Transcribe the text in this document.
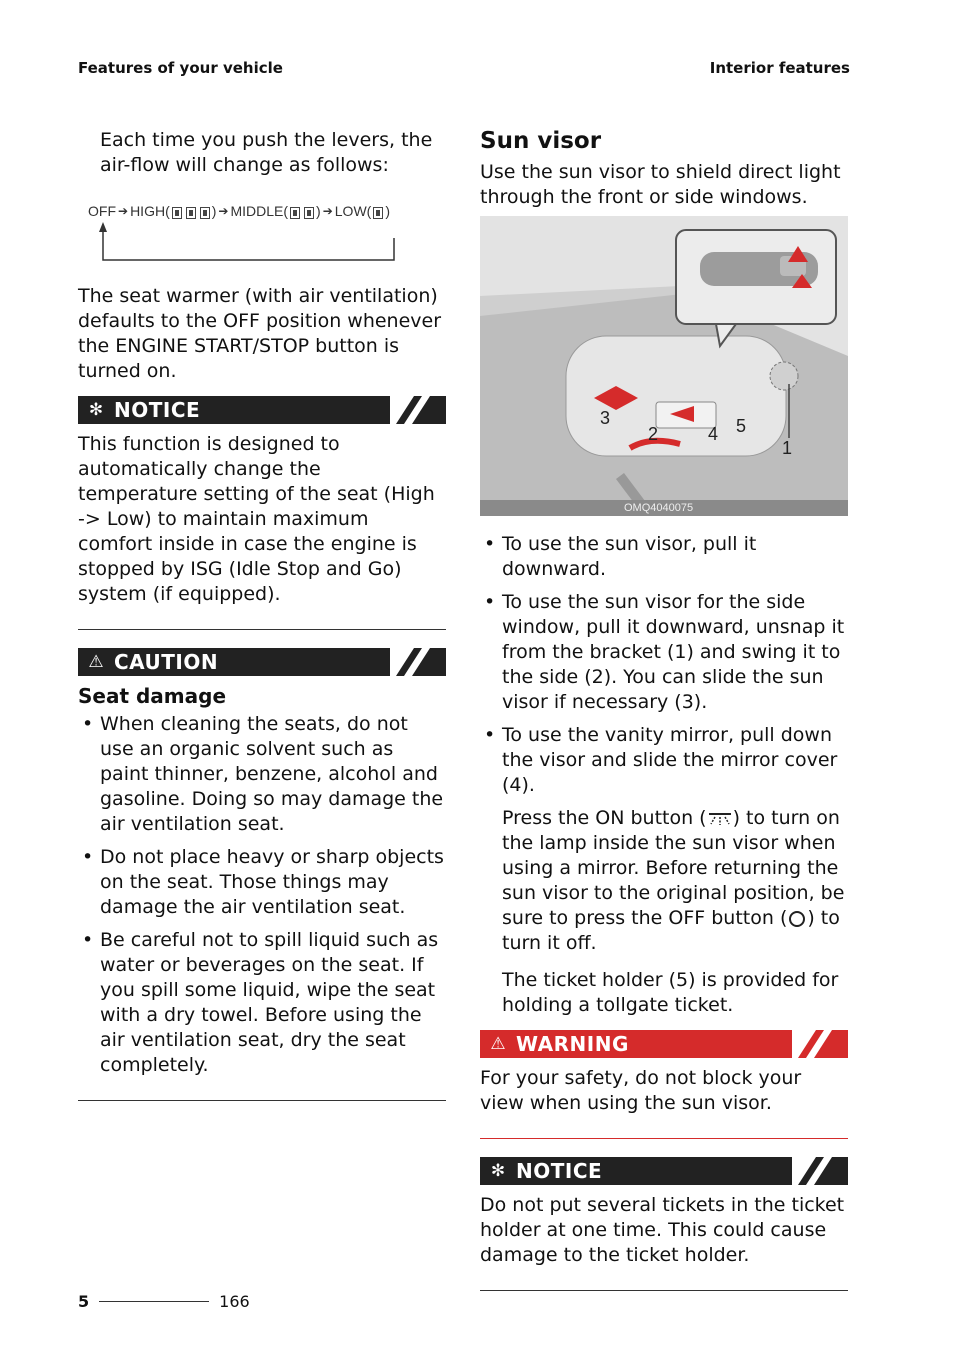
Features of your vehicle	Interior features

Each time you push the levers, the air-flow will change as follows:

OFF ➔ HIGH(	) ➔ MIDDLE( ) ➔ LOW( )

The seat warmer (with air ventilation) defaults to the OFF position whenever the ENGINE START/STOP button is turned on.

✻ NOTICE

This function is designed to automatically change the temperature setting of the seat (High -> Low) to maintain maximum comfort inside in case the engine is stopped by ISG (Idle Stop and Go) system (if equipped).

⚠ CAUTION
Seat damage
• When cleaning the seats, do not use an organic solvent such as paint thinner, benzene, alcohol and gasoline. Doing so may damage the air ventilation seat.
• Do not place heavy or sharp objects on the seat. Those things may damage the air ventilation seat.
• Be careful not to spill liquid such as water or beverages on the seat. If you spill some liquid, wipe the seat with a dry towel. Before using the air ventilation seat, dry the seat completely.
Sun visor

Use the sun visor to shield direct light through the front or side windows.

3
2	4 5
1
OMQ4040075
• To use the sun visor, pull it downward.
• To use the sun visor for the side window, pull it downward, unsnap it from the bracket (1) and swing it to the side (2). You can slide the sun visor if necessary (3).
• To use the vanity mirror, pull down the visor and slide the mirror cover (4).

Press the ON button ( ) to turn on the lamp inside the sun visor when using a mirror. Before returning the sun visor to the original position, be sure to press the OFF button ( ) to turn it off.

The ticket holder (5) is provided for holding a tollgate ticket.

⚠ WARNING

For your safety, do not block your view when using the sun visor.

✻ NOTICE

Do not put several tickets in the ticket holder at one time. This could cause damage to the ticket holder.

5	166
